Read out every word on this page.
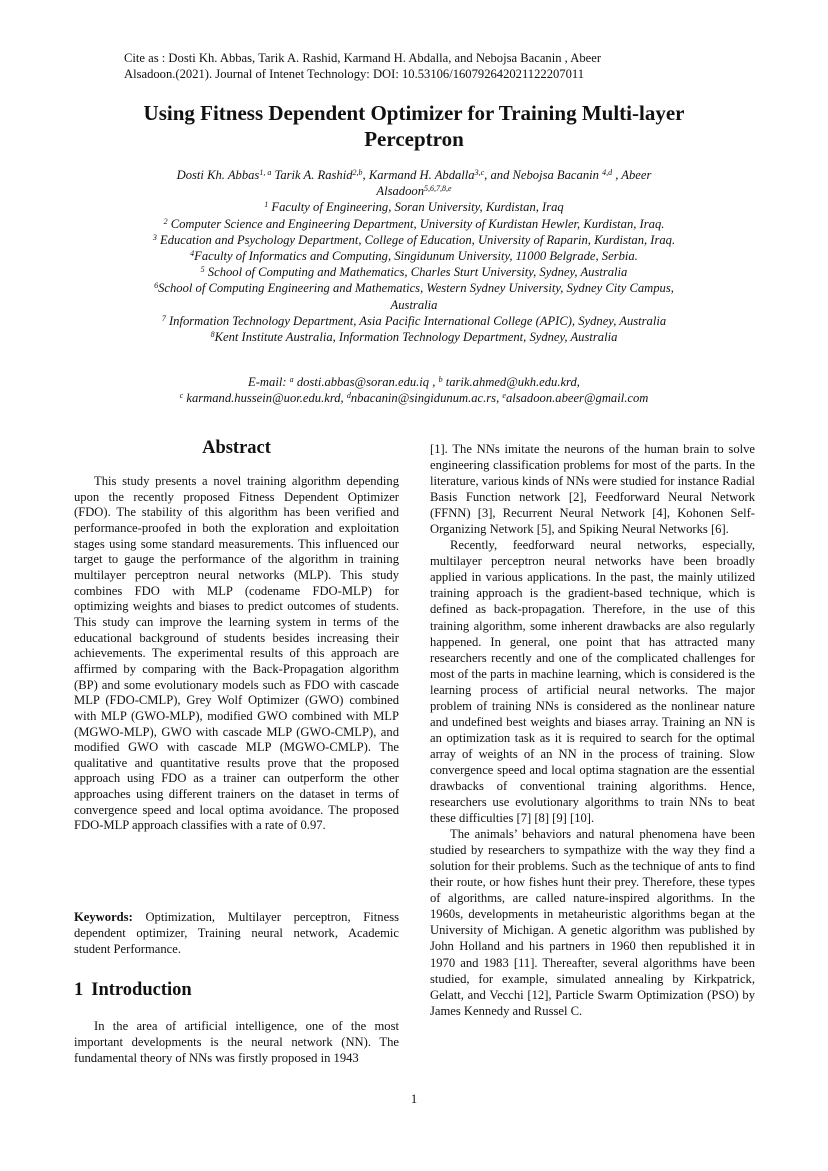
Cite as : Dosti Kh. Abbas, Tarik A. Rashid, Karmand H. Abdalla, and Nebojsa Bacanin , Abeer
Alsadoon.(2021). Journal of Intenet Technology: DOI: 10.53106/160792642021122207011
Using Fitness Dependent Optimizer for Training Multi-layer
Perceptron
Dosti Kh. Abbas$^{1, a}$ Tarik A. Rashid$^{2,b}$, Karmand H. Abdalla$^{3,c}$, and Nebojsa Bacanin $^{4,d}$ , Abeer
Alsadoon$^{5,6,7,8,e}$
$^1$ Faculty of Engineering, Soran University, Kurdistan, Iraq
$^2$ Computer Science and Engineering Department, University of Kurdistan Hewler, Kurdistan, Iraq.
$^3$ Education and Psychology Department, College of Education, University of Raparin, Kurdistan, Iraq.
$^4$Faculty of Informatics and Computing, Singidunum University, 11000 Belgrade, Serbia.
$^5$ School of Computing and Mathematics, Charles Sturt University, Sydney, Australia
$^6$School of Computing Engineering and Mathematics, Western Sydney University, Sydney City Campus,
Australia
$^7$ Information Technology Department, Asia Pacific International College (APIC), Sydney, Australia
$^8$Kent Institute Australia, Information Technology Department, Sydney, Australia
E-mail: $^a$ dosti.abbas@soran.edu.iq , $^b$ tarik.ahmed@ukh.edu.krd,
$^c$ karmand.hussein@uor.edu.krd, $^d$nbacanin@singidunum.ac.rs, $^e$alsadoon.abeer@gmail.com
Abstract

This study presents a novel training algorithm depending upon the recently proposed Fitness Dependent Optimizer (FDO). The stability of this algorithm has been verified and performance-proofed in both the exploration and exploitation stages using some standard measurements. This influenced our target to gauge the performance of the algorithm in training multilayer perceptron neural networks (MLP). This study combines FDO with MLP (codename FDO-MLP) for optimizing weights and biases to predict outcomes of students. This study can improve the learning system in terms of the educational background of students besides increasing their achievements. The experimental results of this approach are affirmed by comparing with the Back-Propagation algorithm (BP) and some evolutionary models such as FDO with cascade MLP (FDO-CMLP), Grey Wolf Optimizer (GWO) combined with MLP (GWO-MLP), modified GWO combined with MLP (MGWO-MLP), GWO with cascade MLP (GWO-CMLP), and modified GWO with cascade MLP (MGWO-CMLP). The qualitative and quantitative results prove that the proposed approach using FDO as a trainer can outperform the other approaches using different trainers on the dataset in terms of convergence speed and local optima avoidance. The proposed FDO-MLP approach classifies with a rate of 0.97.

Keywords: Optimization, Multilayer perceptron, Fitness dependent optimizer, Training neural network, Academic student Performance.

1 Introduction

In the area of artificial intelligence, one of the most important developments is the neural network (NN). The fundamental theory of NNs was firstly proposed in 1943

[1]. The NNs imitate the neurons of the human brain to solve engineering classification problems for most of the parts. In the literature, various kinds of NNs were studied for instance Radial Basis Function network [2], Feedforward Neural Network (FFNN) [3], Recurrent Neural Network [4], Kohonen Self-Organizing Network [5], and Spiking Neural Networks [6].

Recently, feedforward neural networks, especially, multilayer perceptron neural networks have been broadly applied in various applications. In the past, the mainly utilized training approach is the gradient-based technique, which is defined as back-propagation. Therefore, in the use of this training algorithm, some inherent drawbacks are also regularly happened. In general, one point that has attracted many researchers recently and one of the complicated challenges for most of the parts in machine learning, which is considered is the learning process of artificial neural networks. The major problem of training NNs is considered as the nonlinear nature and undefined best weights and biases array. Training an NN is an optimization task as it is required to search for the optimal array of weights of an NN in the process of training. Slow convergence speed and local optima stagnation are the essential drawbacks of conventional training algorithms. Hence, researchers use evolutionary algorithms to train NNs to beat these difficulties [7] [8] [9] [10].

The animals’ behaviors and natural phenomena have been studied by researchers to sympathize with the way they find a solution for their problems. Such as the technique of ants to find their route, or how fishes hunt their prey. Therefore, these types of algorithms, are called nature-inspired algorithms. In the 1960s, developments in metaheuristic algorithms began at the University of Michigan. A genetic algorithm was published by John Holland and his partners in 1960 then republished it in 1970 and 1983 [11]. Thereafter, several algorithms have been studied, for example, simulated annealing by Kirkpatrick, Gelatt, and Vecchi [12], Particle Swarm Optimization (PSO) by James Kennedy and Russel C.

1
